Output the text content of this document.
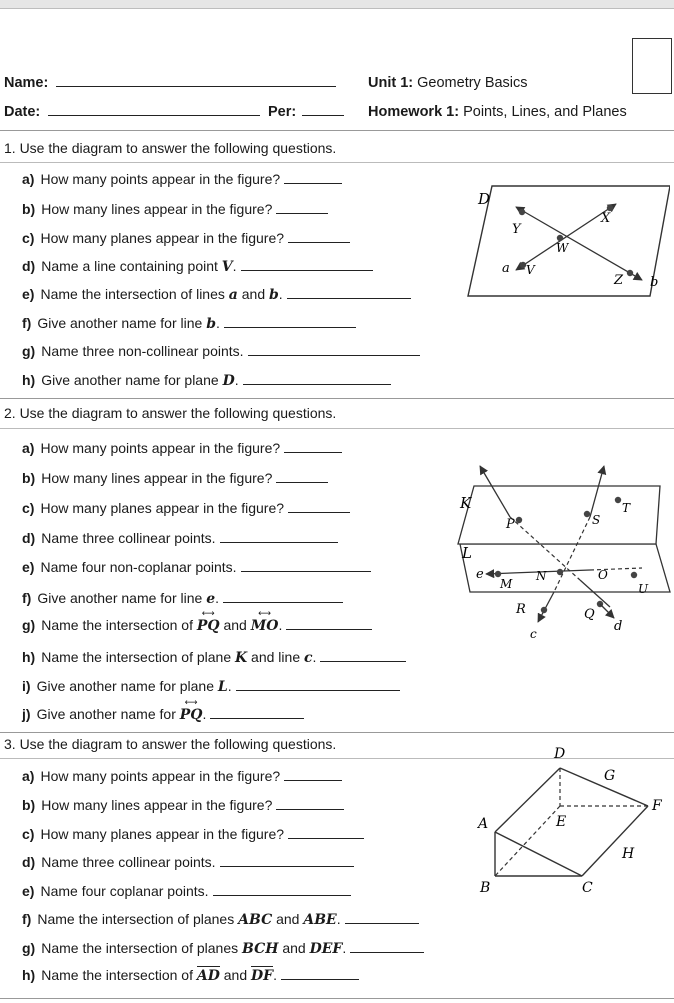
Name:	Unit 1: Geometry Basics
Date:	Per:	Homework 1: Points, Lines, and Planes
1. Use the diagram to answer the following questions.
a) How many points appear in the figure?
b) How many lines appear in the figure?
c) How many planes appear in the figure?
d) Name a line containing point V.
e) Name the intersection of lines a and b.
f) Give another name for line b.
g) Name three non-collinear points.
h) Give another name for plane D.
D
X
Y
W
V
a
Z b
2. Use the diagram to answer the following questions.
a) How many points appear in the figure?
b) How many lines appear in the figure?
c) How many planes appear in the figure?
d) Name three collinear points.
e) Name four non-coplanar points.
f) Give another name for line e.
g) Name the intersection of
⟷
PQ and
⟷
MO.
h) Name the intersection of plane K and line c.
i) Give another name for plane L.
j) Give another name for
⟷
PQ.
K
L
e
P	S
T
M
N	O
U
R	Q
c	d
3. Use the diagram to answer the following questions.
a) How many points appear in the figure?
b) How many lines appear in the figure?
c) How many planes appear in the figure?
d) Name three collinear points.
e) Name four coplanar points.
f) Name the intersection of planes ABC and ABE.
g) Name the intersection of planes BCH and DEF.
h) Name the intersection of
AD and
DF.
D
G
F
A	E
H
B	C
